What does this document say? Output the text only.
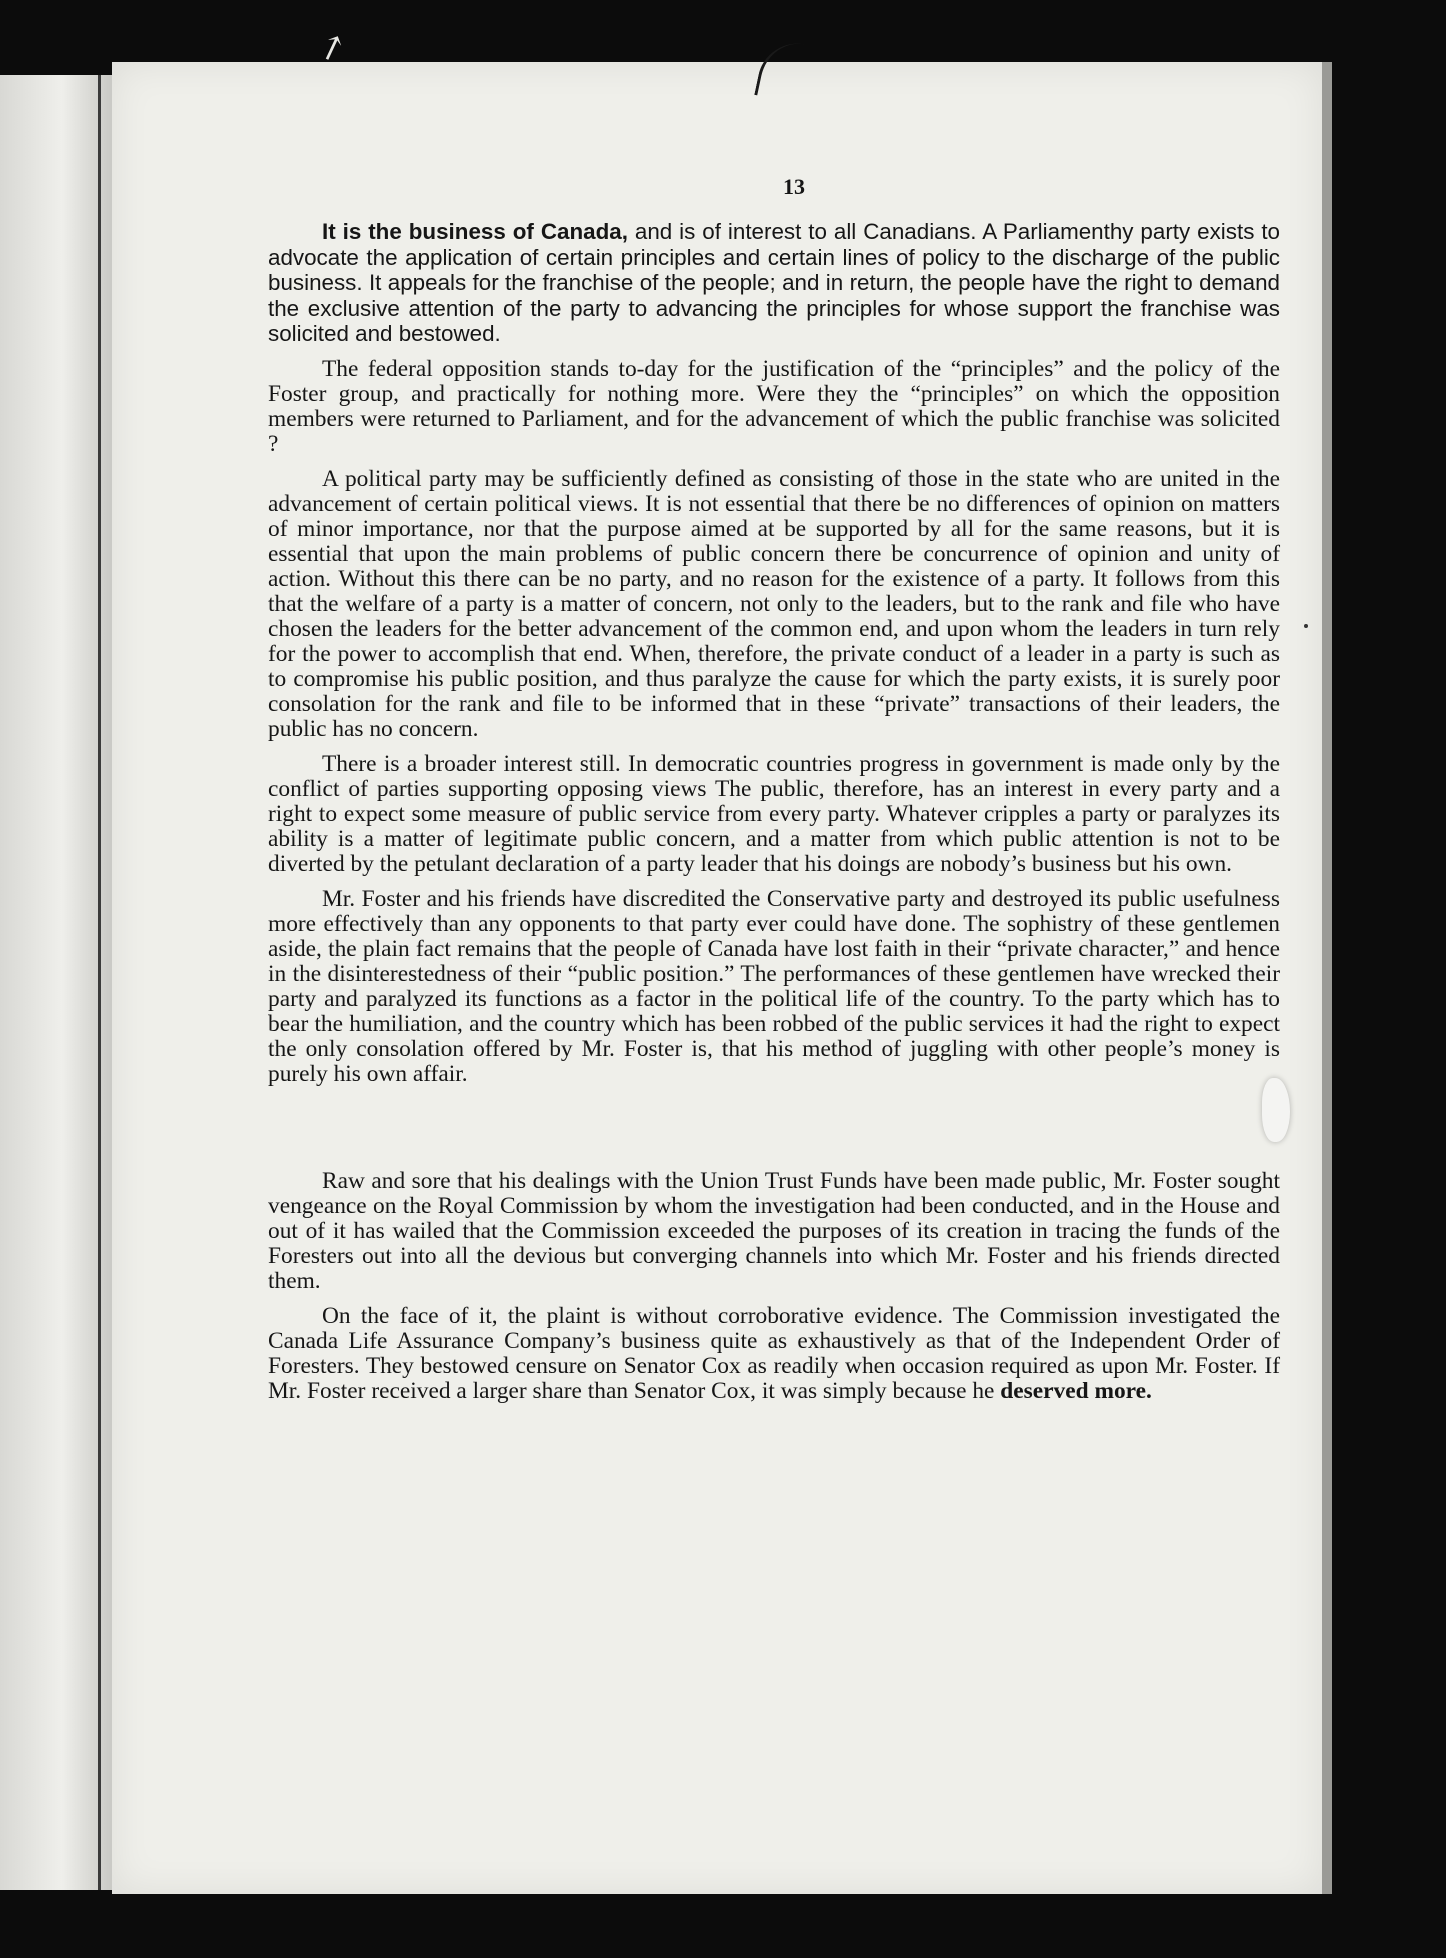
↗
13

It is the business of Canada, and is of interest to all Canadians. A Parliamenthy party exists to advocate the application of certain principles and certain lines of policy to the discharge of the public business. It appeals for the franchise of the people; and in return, the people have the right to demand the exclusive attention of the party to advancing the principles for whose support the franchise was solicited and bestowed.

The federal opposition stands to-day for the justification of the “principles” and the policy of the Foster group, and practically for nothing more. Were they the “principles” on which the opposition members were returned to Parliament, and for the advancement of which the public franchise was solicited ?

A political party may be sufficiently defined as consisting of those in the state who are united in the advancement of certain political views. It is not essential that there be no differences of opinion on matters of minor importance, nor that the purpose aimed at be supported by all for the same reasons, but it is essential that upon the main problems of public concern there be concurrence of opinion and unity of action. Without this there can be no party, and no reason for the existence of a party. It follows from this that the welfare of a party is a matter of concern, not only to the leaders, but to the rank and file who have chosen the leaders for the better advancement of the common end, and upon whom the leaders in turn rely for the power to accomplish that end. When, therefore, the private conduct of a leader in a party is such as to compromise his public position, and thus paralyze the cause for which the party exists, it is surely poor consolation for the rank and file to be informed that in these “private” transactions of their leaders, the public has no concern.

There is a broader interest still. In democratic countries progress in government is made only by the conflict of parties supporting opposing views The public, therefore, has an interest in every party and a right to expect some measure of public service from every party. Whatever cripples a party or paralyzes its ability is a matter of legitimate public concern, and a matter from which public attention is not to be diverted by the petulant declaration of a party leader that his doings are nobody’s business but his own.

Mr. Foster and his friends have discredited the Conservative party and destroyed its public usefulness more effectively than any opponents to that party ever could have done. The sophistry of these gentlemen aside, the plain fact remains that the people of Canada have lost faith in their “private character,” and hence in the disinterestedness of their “public position.” The performances of these gentlemen have wrecked their party and paralyzed its functions as a factor in the political life of the country. To the party which has to bear the humiliation, and the country which has been robbed of the public services it had the right to expect the only consolation offered by Mr. Foster is, that his method of juggling with other people’s money is purely his own affair.

Raw and sore that his dealings with the Union Trust Funds have been made public, Mr. Foster sought vengeance on the Royal Commission by whom the investigation had been conducted, and in the House and out of it has wailed that the Commission exceeded the purposes of its creation in tracing the funds of the Foresters out into all the devious but converging channels into which Mr. Foster and his friends directed them.

On the face of it, the plaint is without corroborative evidence. The Commission investigated the Canada Life Assurance Company’s business quite as exhaustively as that of the Independent Order of Foresters. They bestowed censure on Senator Cox as readily when occasion required as upon Mr. Foster. If Mr. Foster received a larger share than Senator Cox, it was simply because he deserved more.
